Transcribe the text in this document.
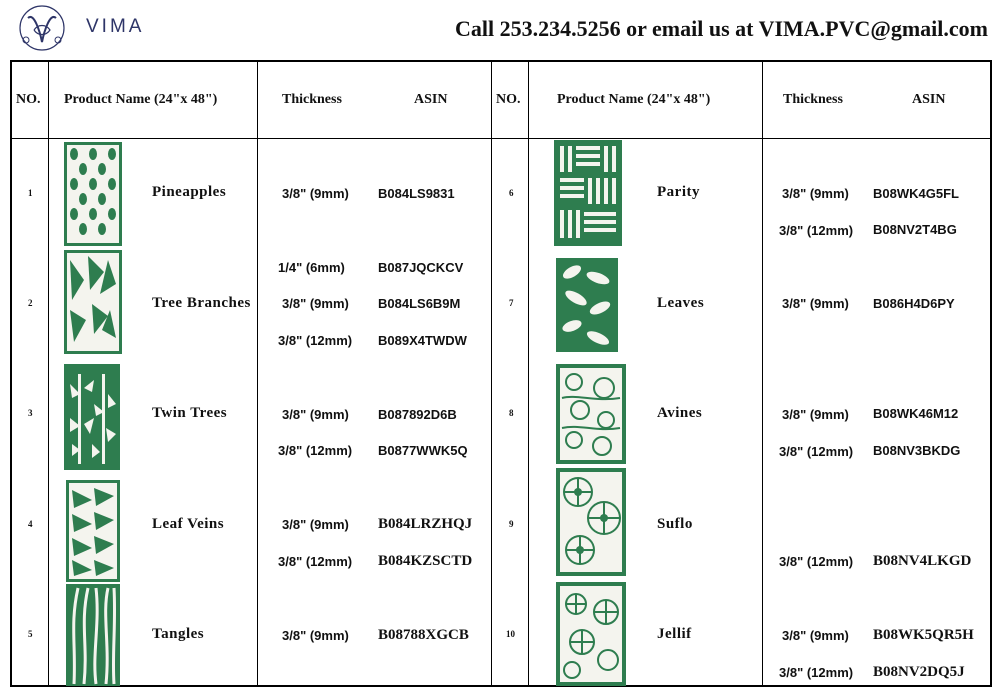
VIMA	Call 253.234.5256 or email us at VIMA.PVC@gmail.com
NO. Product Name (24"x 48")	Thickness	ASIN	NO.	Product Name (24"x 48")	Thickness	ASIN
1	Pineapples	3/8" (9mm) B084LS9831
2	Tree Branches
1/4" (6mm)	B087JQCKCV
3/8" (9mm) B084LS6B9M
3/8" (12mm) B089X4TWDW
3	Twin Trees	3/8" (9mm) B087892D6B
3/8" (12mm) B0877WWK5Q
4	Leaf Veins	3/8" (9mm) B084LRZHQJ
3/8" (12mm) B084KZSCTD
5	Tangles	3/8" (9mm) B08788XGCB
6	Parity	3/8" (9mm) B08WK4G5FL
3/8" (12mm) B08NV2T4BG
7	Leaves	3/8" (9mm) B086H4D6PY
8	Avines	3/8" (9mm) B08WK46M12
3/8" (12mm) B08NV3BKDG
9	Suflo
3/8" (12mm) B08NV4LKGD
10	Jellif	3/8" (9mm) B08WK5QR5H
3/8" (12mm) B08NV2DQ5J
